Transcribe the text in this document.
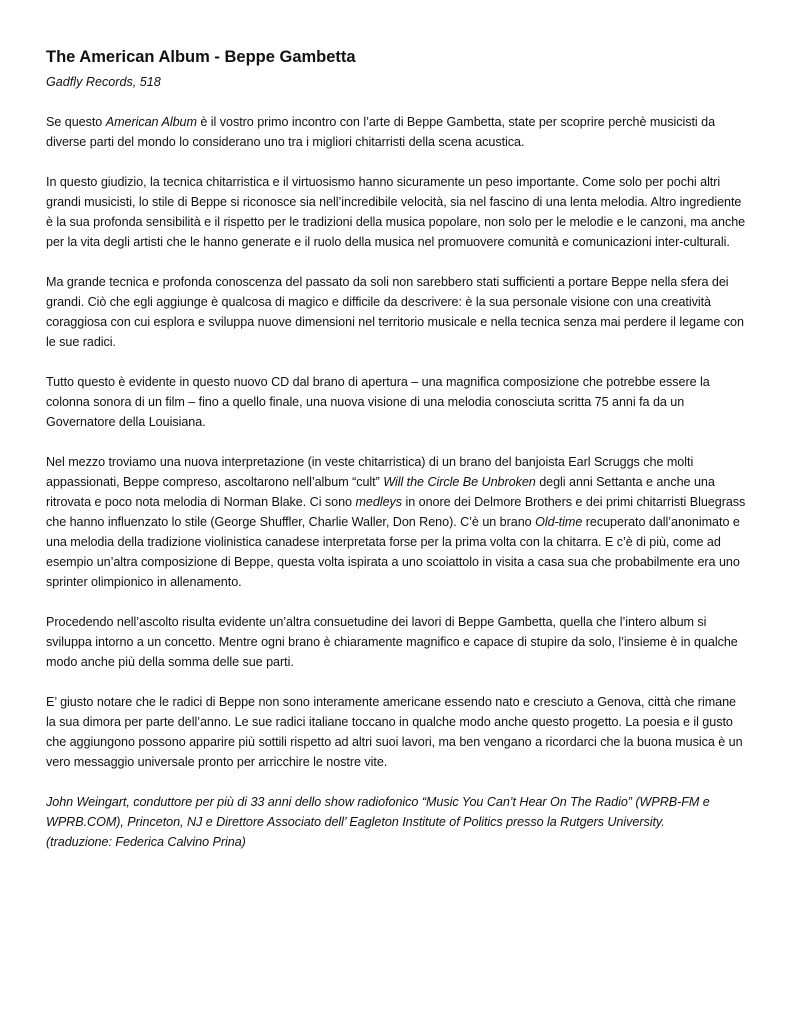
The American Album - Beppe Gambetta
Gadfly Records, 518

Se questo American Album è il vostro primo incontro con l’arte di Beppe Gambetta, state per scoprire perchè musicisti da diverse parti del mondo lo considerano uno tra i migliori chitarristi della scena acustica.

In questo giudizio, la tecnica chitarristica e il virtuosismo hanno sicuramente un peso importante. Come solo per pochi altri grandi musicisti, lo stile di Beppe si riconosce sia nell’incredibile velocità, sia nel fascino di una lenta melodia. Altro ingrediente è la sua profonda sensibilità e il rispetto per le tradizioni della musica popolare, non solo per le melodie e le canzoni, ma anche per la vita degli artisti che le hanno generate e il ruolo della musica nel promuovere comunità e comunicazioni inter-culturali.

Ma grande tecnica e profonda conoscenza del passato da soli non sarebbero stati sufficienti a portare Beppe nella sfera dei grandi. Ciò che egli aggiunge è qualcosa di magico e difficile da descrivere: è la sua personale visione con una creatività coraggiosa con cui esplora e sviluppa nuove dimensioni nel territorio musicale e nella tecnica senza mai perdere il legame con le sue radici.

Tutto questo è evidente in questo nuovo CD dal brano di apertura – una magnifica composizione che potrebbe essere la colonna sonora di un film – fino a quello finale, una nuova visione di una melodia conosciuta scritta 75 anni fa da un Governatore della Louisiana.

Nel mezzo troviamo una nuova interpretazione (in veste chitarristica) di un brano del banjoista Earl Scruggs che molti appassionati, Beppe compreso, ascoltarono nell’album “cult” Will the Circle Be Unbroken degli anni Settanta e anche una ritrovata e poco nota melodia di Norman Blake. Ci sono medleys in onore dei Delmore Brothers e dei primi chitarristi Bluegrass che hanno influenzato lo stile (George Shuffler, Charlie Waller, Don Reno). C’è un brano Old-time recuperato dall’anonimato e una melodia della tradizione violinistica canadese interpretata forse per la prima volta con la chitarra. E c’è di più, come ad esempio un’altra composizione di Beppe, questa volta ispirata a uno scoiattolo in visita a casa sua che probabilmente era uno sprinter olimpionico in allenamento.

Procedendo nell’ascolto risulta evidente un’altra consuetudine dei lavori di Beppe Gambetta, quella che l’intero album si sviluppa intorno a un concetto. Mentre ogni brano è chiaramente magnifico e capace di stupire da solo, l’insieme è in qualche modo anche più della somma delle sue parti.

E’ giusto notare che le radici di Beppe non sono interamente americane essendo nato e cresciuto a Genova, città che rimane la sua dimora per parte dell’anno. Le sue radici italiane toccano in qualche modo anche questo progetto. La poesia e il gusto che aggiungono possono apparire più sottili rispetto ad altri suoi lavori, ma ben vengano a ricordarci che la buona musica è un vero messaggio universale pronto per arricchire le nostre vite.

John Weingart, conduttore per più di 33 anni dello show radiofonico “Music You Can’t Hear On The Radio” (WPRB-FM e WPRB.COM), Princeton, NJ e Direttore Associato dell’ Eagleton Institute of Politics presso la Rutgers University.
(traduzione: Federica Calvino Prina)
